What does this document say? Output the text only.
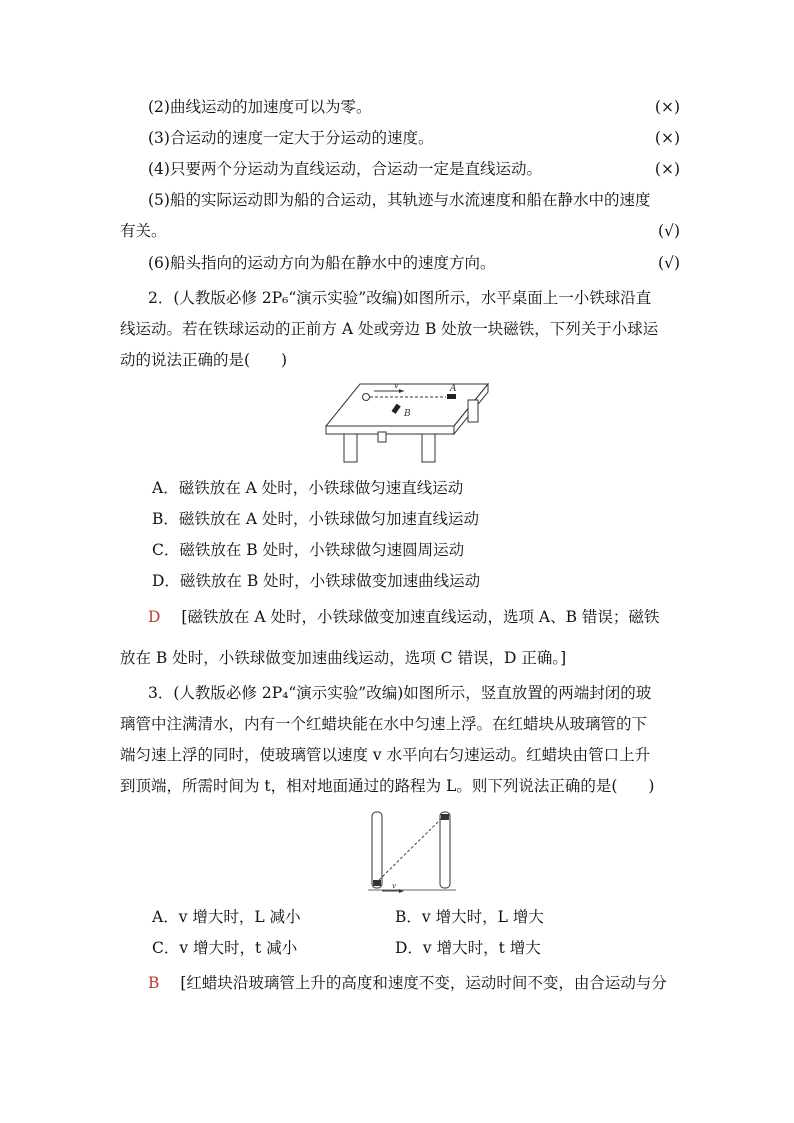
(2)曲线运动的加速度可以为零。	(×)
(3)合运动的速度一定大于分运动的速度。	(×)
(4)只要两个分运动为直线运动，合运动一定是直线运动。	(×)
(5)船的实际运动即为船的合运动，其轨迹与水流速度和船在静水中的速度
有关。	(√)
(6)船头指向的运动方向为船在静水中的速度方向。	(√)
2．(人教版必修 2P₆“演示实验”改编)如图所示，水平桌面上一小铁球沿直
线运动。若在铁球运动的正前方 A 处或旁边 B 处放一块磁铁，下列关于小球运
动的说法正确的是(　　)
v	A
B
A．磁铁放在 A 处时，小铁球做匀速直线运动
B．磁铁放在 A 处时，小铁球做匀加速直线运动
C．磁铁放在 B 处时，小铁球做匀速圆周运动
D．磁铁放在 B 处时，小铁球做变加速曲线运动
D [磁铁放在 A 处时，小铁球做变加速直线运动，选项 A、B 错误；磁铁
放在 B 处时，小铁球做变加速曲线运动，选项 C 错误，D 正确。]
3．(人教版必修 2P₄“演示实验”改编)如图所示，竖直放置的两端封闭的玻
璃管中注满清水，内有一个红蜡块能在水中匀速上浮。在红蜡块从玻璃管的下
端匀速上浮的同时，使玻璃管以速度 v 水平向右匀速运动。红蜡块由管口上升
到顶端，所需时间为 t，相对地面通过的路程为 L。则下列说法正确的是(　　)
v
A．v 增大时，L 减小	B．v 增大时，L 增大
C．v 增大时，t 减小	D．v 增大时，t 增大
B [红蜡块沿玻璃管上升的高度和速度不变，运动时间不变，由合运动与分
